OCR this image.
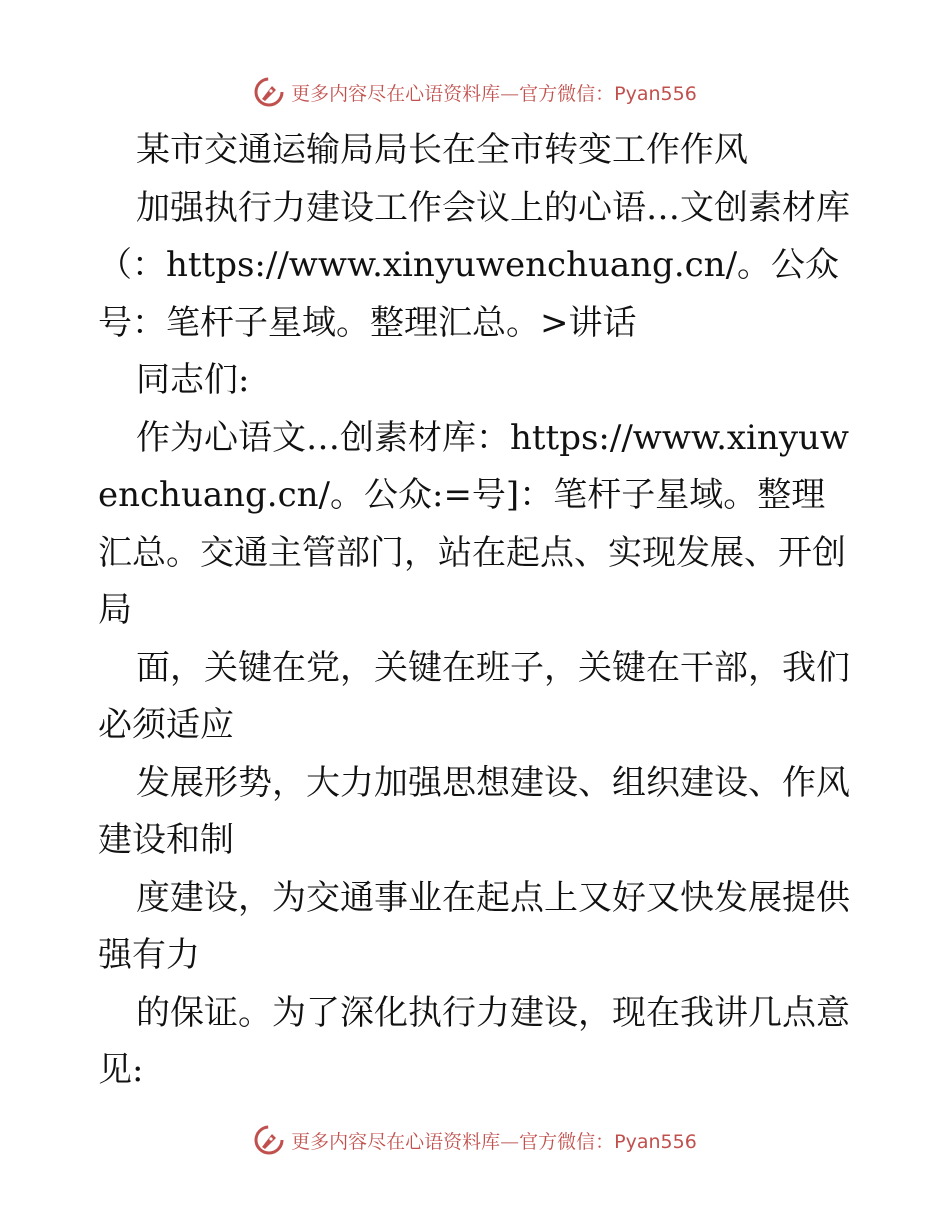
更多内容尽在心语资料库—官方微信：Pyan556

某市交通运输局局长在全市转变工作作风

加强执行力建设工作会议上的心语…文创素材库（：https://www.xinyuwenchuang.cn/。公众号：笔杆子星域。整理汇总。>讲话

同志们:

作为心语文…创素材库：https://www.xinyuwenchuang.cn/。公众:=号]：笔杆子星域。整理汇总。交通主管部门，站在起点、实现发展、开创局

面，关键在党，关键在班子，关键在干部，我们必须适应

发展形势，大力加强思想建设、组织建设、作风建设和制

度建设，为交通事业在起点上又好又快发展提供强有力

的保证。为了深化执行力建设，现在我讲几点意见:

更多内容尽在心语资料库—官方微信：Pyan556
